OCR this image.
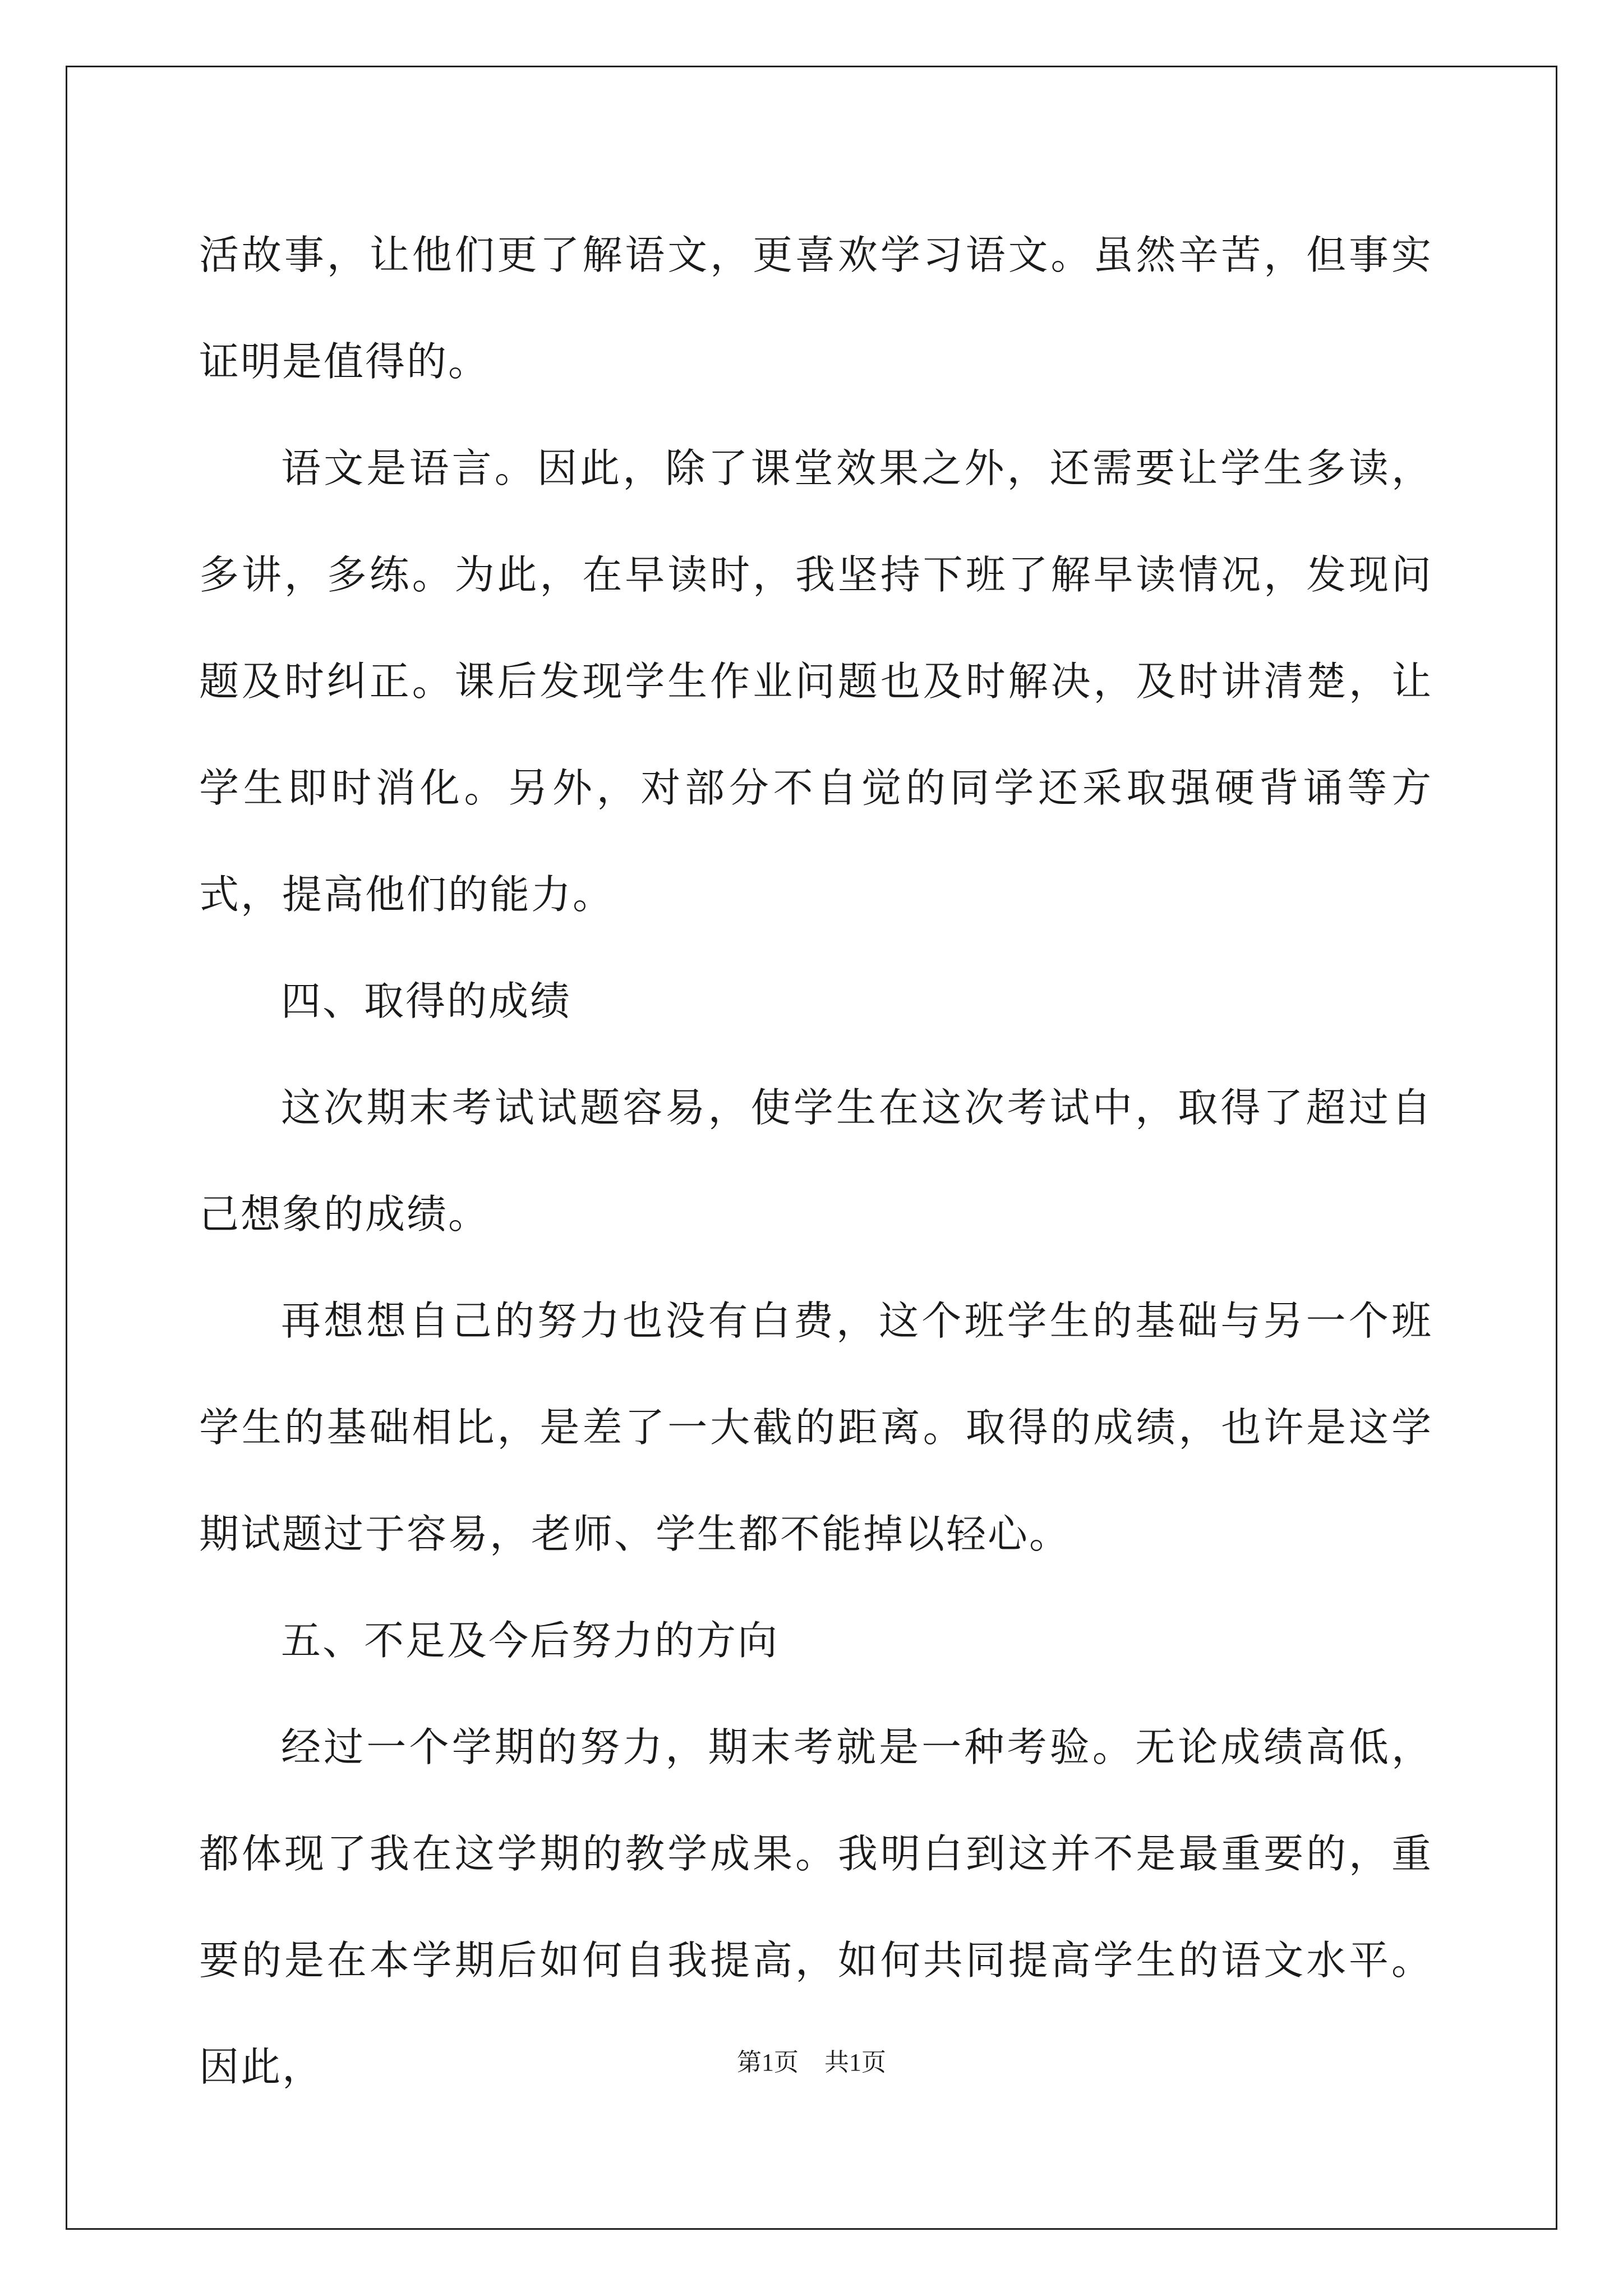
活故事，让他们更了解语文，更喜欢学习语文。虽然辛苦，但事实证明是值得的。

语文是语言。因此，除了课堂效果之外，还需要让学生多读，多讲，多练。为此，在早读时，我坚持下班了解早读情况，发现问题及时纠正。课后发现学生作业问题也及时解决，及时讲清楚，让学生即时消化。另外，对部分不自觉的同学还采取强硬背诵等方式，提高他们的能力。

四、取得的成绩

这次期末考试试题容易，使学生在这次考试中，取得了超过自己想象的成绩。

再想想自己的努力也没有白费，这个班学生的基础与另一个班学生的基础相比，是差了一大截的距离。取得的成绩，也许是这学期试题过于容易，老师、学生都不能掉以轻心。

五、不足及今后努力的方向

经过一个学期的努力，期末考就是一种考验。无论成绩高低，都体现了我在这学期的教学成果。我明白到这并不是最重要的，重要的是在本学期后如何自我提高，如何共同提高学生的语文水平。因此，	第1页 共1页
